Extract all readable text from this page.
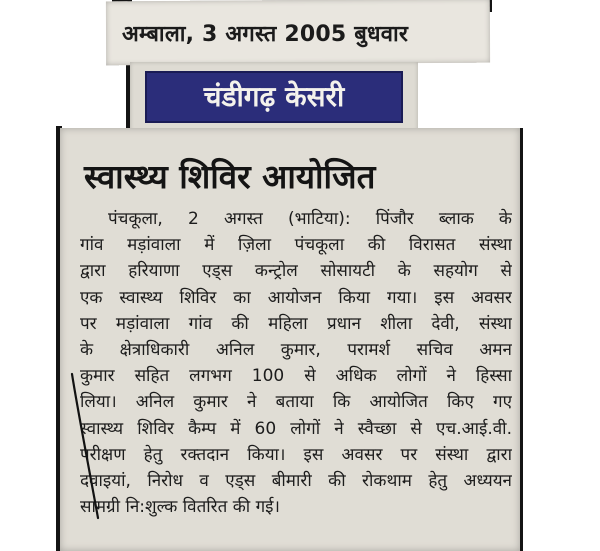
अम्बाला, 3 अगस्त 2005 बुधवार
चंडीगढ़ केसरी
स्वास्थ्य शिविर आयोजित
पंचकूला, 2 अगस्त (भाटिया): पिंजौर ब्लाक के
गांव मड़ांवाला में ज़िला पंचकूला की विरासत संस्था
द्वारा हरियाणा एड्स कन्ट्रोल सोसायटी के सहयोग से
एक स्वास्थ्य शिविर का आयोजन किया गया। इस अवसर
पर मड़ांवाला गांव की महिला प्रधान शीला देवी, संस्था
के क्षेत्राधिकारी अनिल कुमार, परामर्श सचिव अमन
कुमार सहित लगभग 100 से अधिक लोगों ने हिस्सा
लिया। अनिल कुमार ने बताया कि आयोजित किए गए
स्वास्थ्य शिविर कैम्प में 60 लोगों ने स्वैच्छा से एच.आई.वी.
परीक्षण हेतु रक्तदान किया। इस अवसर पर संस्था द्वारा
दवाइयां, निरोध व एड्स बीमारी की रोकथाम हेतु अध्ययन
सामग्री नि:शुल्क वितरित की गई।
